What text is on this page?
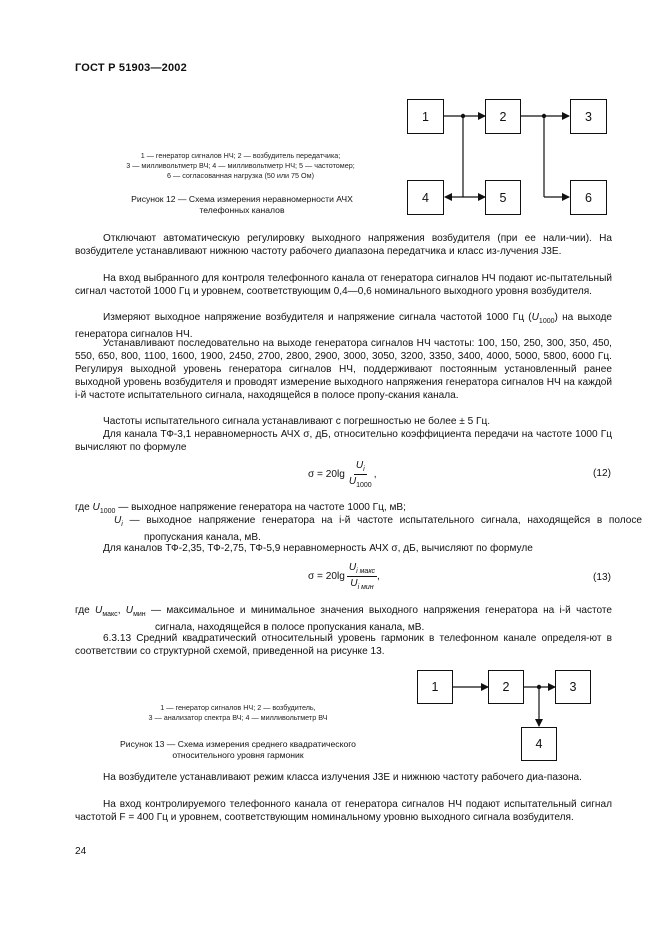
ГОСТ Р 51903—2002
1	2	3
4	5	6
1 — генератор сигналов НЧ; 2 — возбудитель передатчика;
3 — милливольтметр ВЧ; 4 — милливольтметр НЧ; 5 — частотомер;
6 — согласованная нагрузка (50 или 75 Ом)
Рисунок 12 — Схема измерения неравномерности АЧХ
телефонных каналов
Отключают автоматическую регулировку выходного напряжения возбудителя (при ее нали-чии). На возбудителе устанавливают нижнюю частоту рабочего диапазона передатчика и класс из-лучения J3E.
На вход выбранного для контроля телефонного канала от генератора сигналов НЧ подают ис-пытательный сигнал частотой 1000 Гц и уровнем, соответствующим 0,4—0,6 номинального выходного уровня возбудителя.
Измеряют выходное напряжение возбудителя и напряжение сигнала частотой 1000 Гц $(U_{1000})$ на выходе генератора сигналов НЧ.
Устанавливают последовательно на выходе генератора сигналов НЧ частоты: 100, 150, 250, 300, 350, 450, 550, 650, 800, 1100, 1600, 1900, 2450, 2700, 2800, 2900, 3000, 3050, 3200, 3350, 3400, 4000, 5000, 5800, 6000 Гц. Регулируя выходной уровень генератора сигналов НЧ, поддерживают постоянным установленный ранее выходной уровень возбудителя и проводят измерение выходного напряжения генератора сигналов НЧ на каждой i-й частоте испытательного сигнала, находящейся в полосе пропу-скания канала.
Частоты испытательного сигнала устанавливают с погрешностью не более ± 5 Гц.
Для канала ТФ-3,1 неравномерность АЧХ σ, дБ, относительно коэффициента передачи на частоте 1000 Гц вычисляют по формуле
$\sigma = 20\lg \frac{U_i}{U_{1000}}$ ,	(12)
где $U_{1000}$ — выходное напряжение генератора на частоте 1000 Гц, мВ;
$U_i$ — выходное напряжение генератора на i-й частоте испытательного сигнала, находящейся в полосе пропускания канала, мВ.
Для каналов ТФ-2,35, ТФ-2,75, ТФ-5,9 неравномерность АЧХ σ, дБ, вычисляют по формуле
$\sigma = 20\lg \frac{U_{i макс}}{U_{i мин}}$ ,	(13)
где $U_{макс}$, $U_{мин}$ — максимальное и минимальное значения выходного напряжения генератора на i-й частоте сигнала, находящейся в полосе пропускания канала, мВ.
6.3.13 Средний квадратический относительный уровень гармоник в телефонном канале определя-ют в соответствии со структурной схемой, приведенной на рисунке 13.
1	2	3
4
1 — генератор сигналов НЧ; 2 — возбудитель,
3 — анализатор спектра ВЧ; 4 — милливольтметр ВЧ
Рисунок 13 — Схема измерения среднего квадратического
относительного уровня гармоник
На возбудителе устанавливают режим класса излучения J3E и нижнюю частоту рабочего диа-пазона.
На вход контролируемого телефонного канала от генератора сигналов НЧ подают испытательный сигнал частотой F = 400 Гц и уровнем, соответствующим номинальному уровню выходного сигнала возбудителя.
24
